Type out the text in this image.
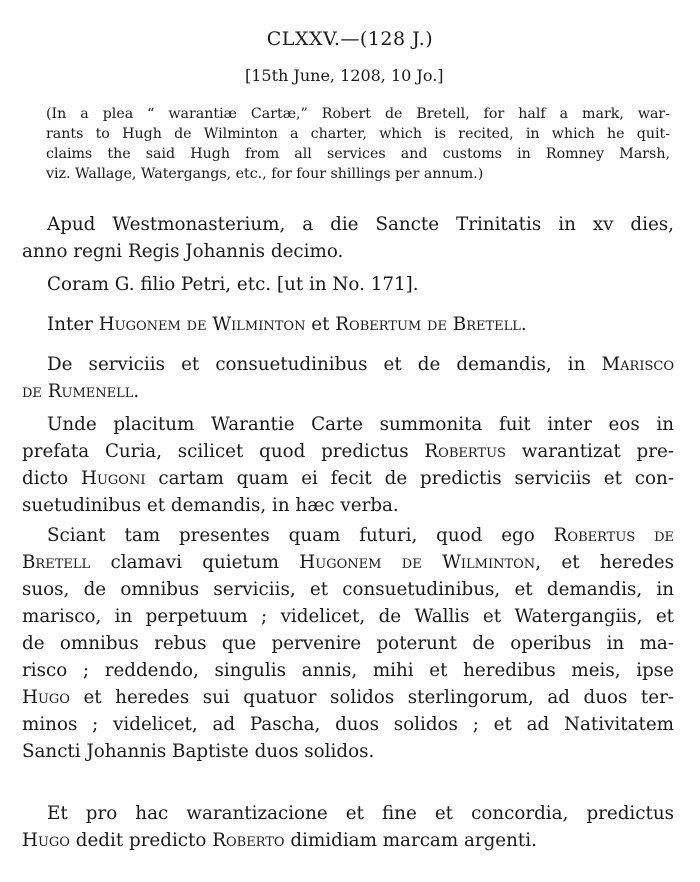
CLXXV.—(128 J.)
[15th June, 1208, 10 Jo.]
(In a plea “ warantiæ Cartæ,” Robert de Bretell, for half a mark, war-
rants to Hugh de Wilminton a charter, which is recited, in which he quit-
claims the said Hugh from all services and customs in Romney Marsh,
viz. Wallage, Watergangs, etc., for four shillings per annum.)
Apud Westmonasterium, a die Sancte Trinitatis in xv dies,
anno regni Regis Johannis decimo.
Coram G. filio Petri, etc. [ut in No. 171].
Inter Hugonem de Wilminton et Robertum de Bretell.
De serviciis et consuetudinibus et de demandis, in Marisco
de Rumenell.
Unde placitum Warantie Carte summonita fuit inter eos in
prefata Curia, scilicet quod predictus Robertus warantizat pre-
dicto Hugoni cartam quam ei fecit de predictis serviciis et con-
suetudinibus et demandis, in hæc verba.
Sciant tam presentes quam futuri, quod ego Robertus de
Bretell clamavi quietum Hugonem de Wilminton, et heredes
suos, de omnibus serviciis, et consuetudinibus, et demandis, in
marisco, in perpetuum ; videlicet, de Wallis et Watergangiis, et
de omnibus rebus que pervenire poterunt de operibus in ma-
risco ; reddendo, singulis annis, mihi et heredibus meis, ipse
Hugo et heredes sui quatuor solidos sterlingorum, ad duos ter-
minos ; videlicet, ad Pascha, duos solidos ; et ad Nativitatem
Sancti Johannis Baptiste duos solidos.
Et pro hac warantizacione et fine et concordia, predictus
Hugo dedit predicto Roberto dimidiam marcam argenti.
